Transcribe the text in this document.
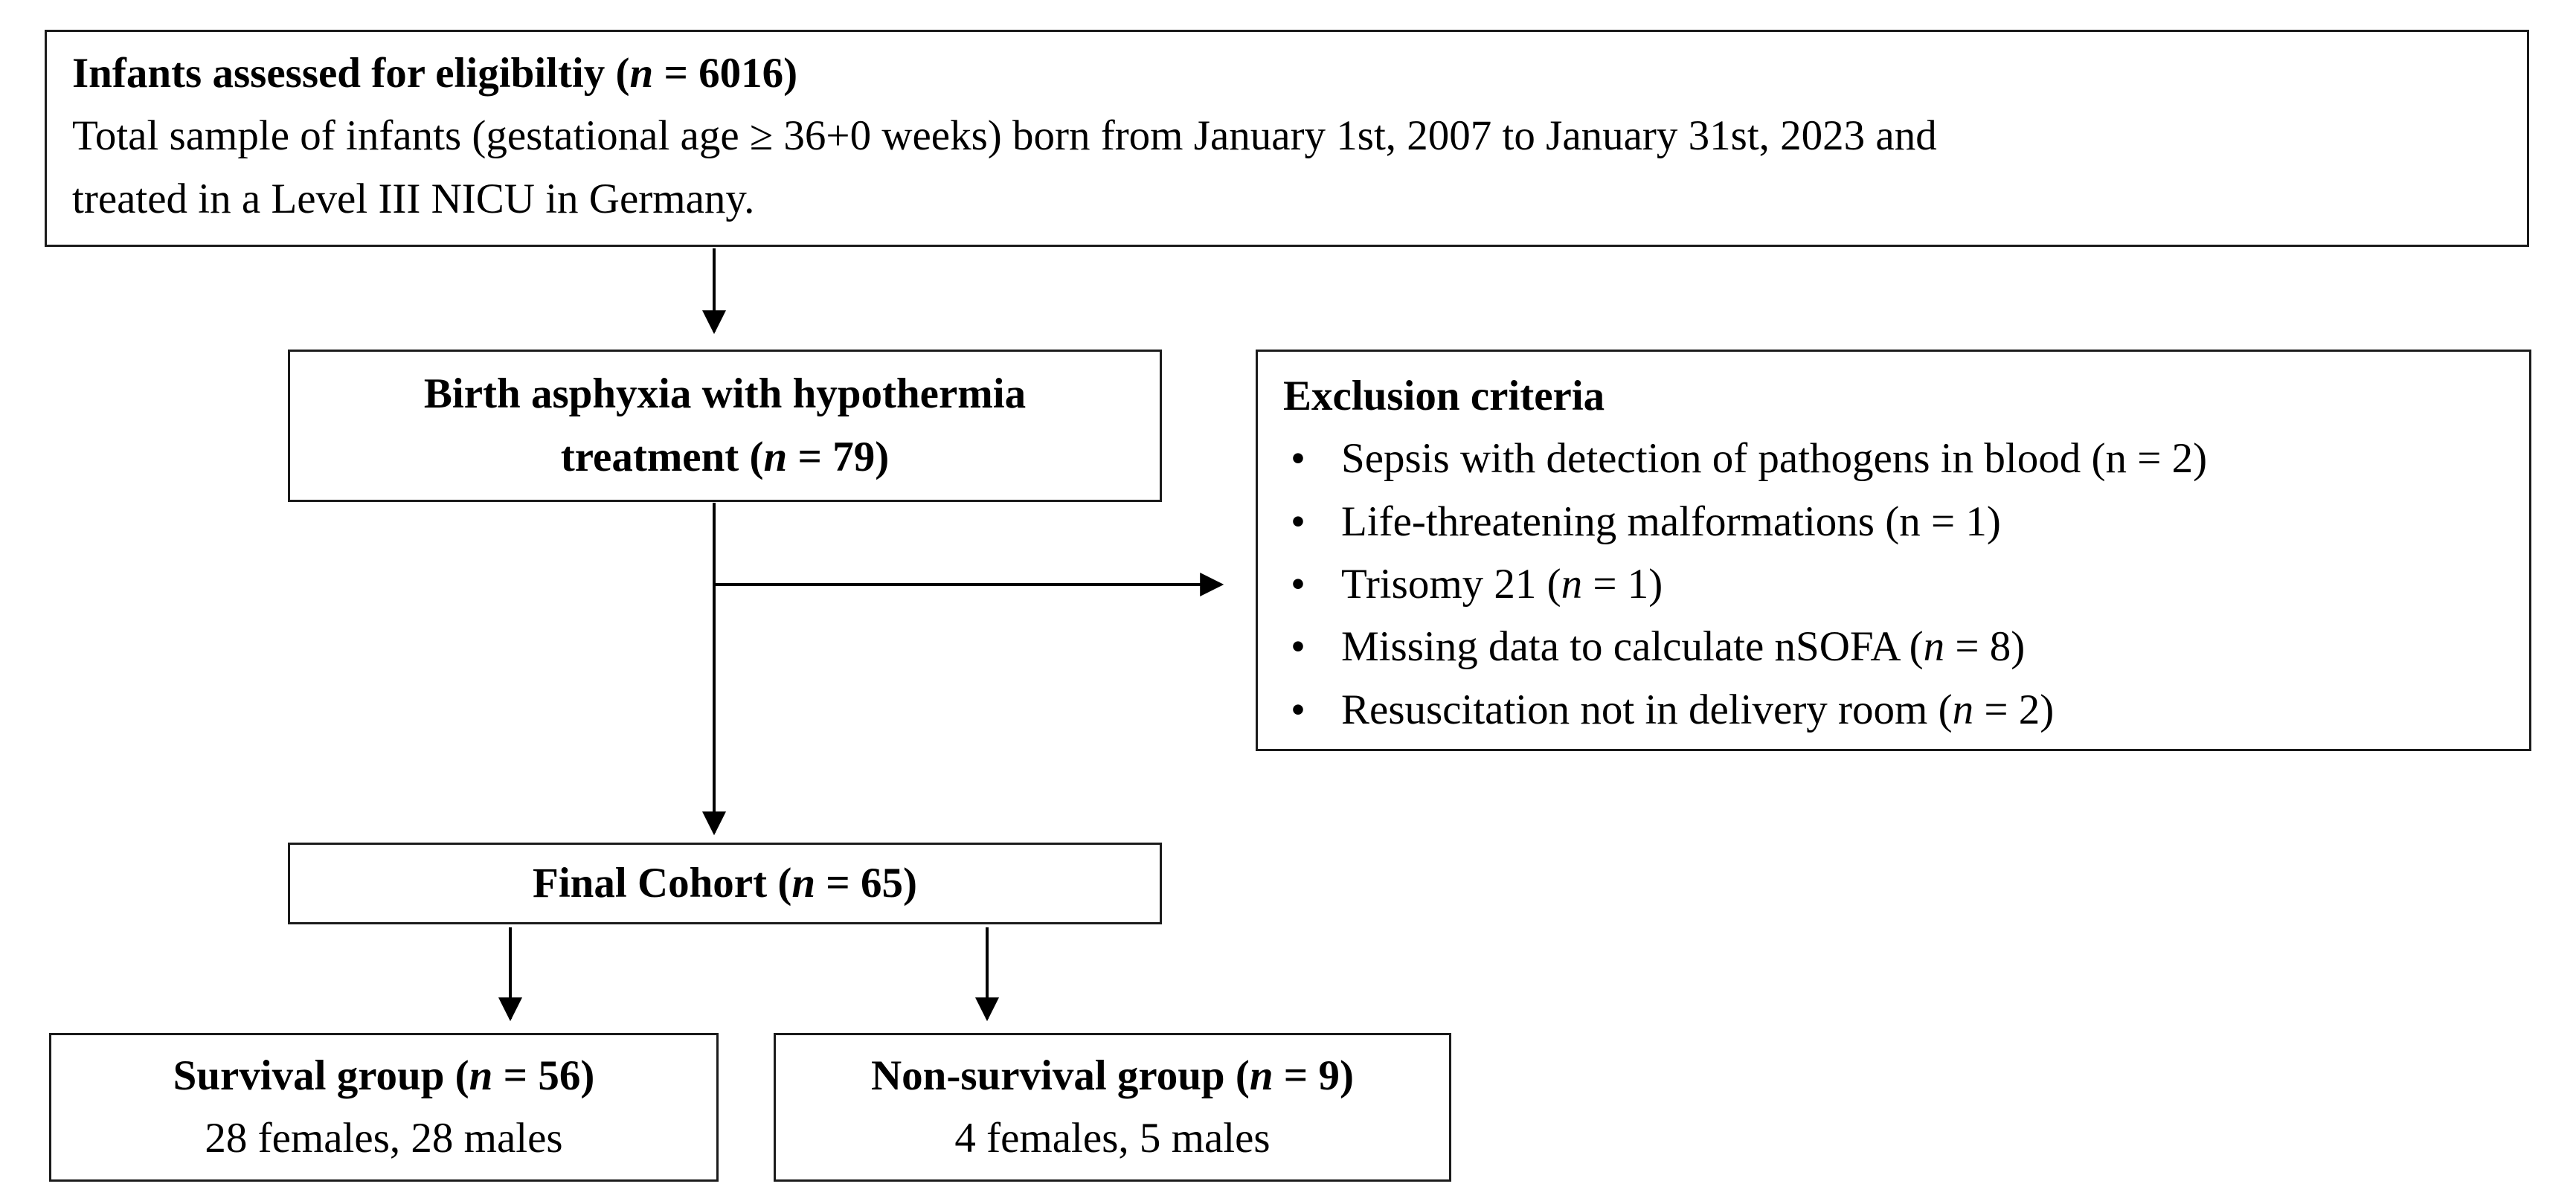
Infants assessed for eligibiltiy (n = 6016)
Total sample of infants (gestational age ≥ 36+0 weeks) born from January 1st, 2007 to January 31st, 2023 and
treated in a Level III NICU in Germany.
Birth asphyxia with hypothermia
treatment (n = 79)
Exclusion criteria
• Sepsis with detection of pathogens in blood (n = 2)
• Life-threatening malformations (n = 1)
• Trisomy 21 (n = 1)
• Missing data to calculate nSOFA (n = 8)
• Resuscitation not in delivery room (n = 2)
Final Cohort (n = 65)
Survival group (n = 56)
28 females, 28 males
Non-survival group (n = 9)
4 females, 5 males
